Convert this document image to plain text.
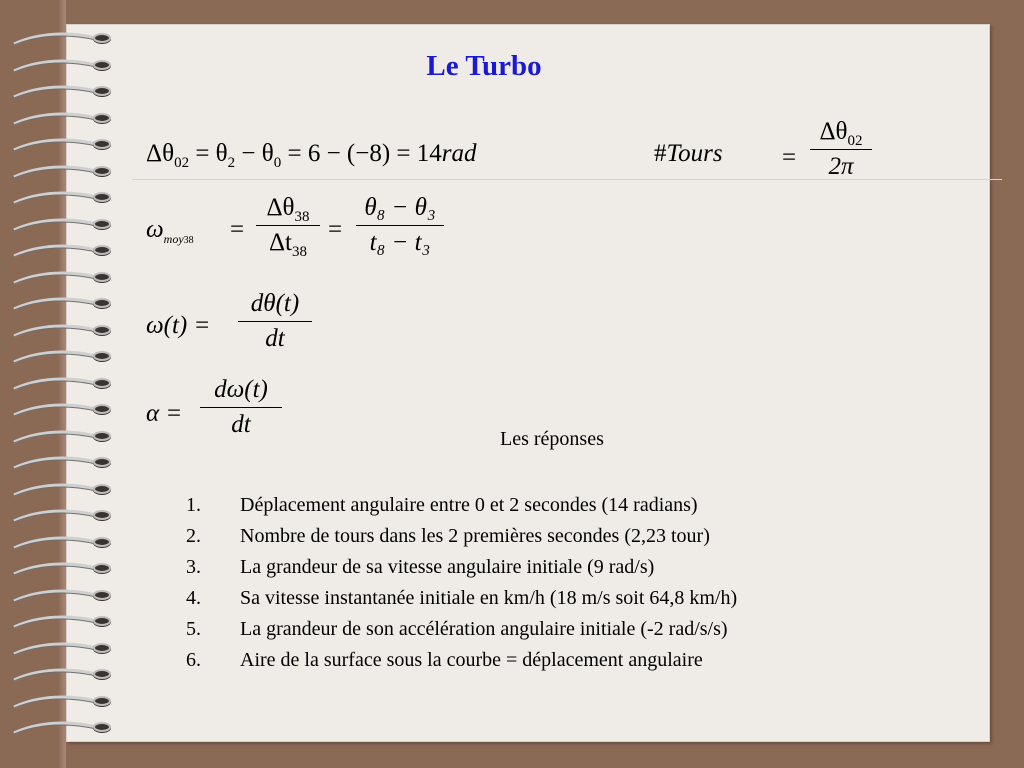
Le Turbo
$\Delta\theta_{02} = \theta_2 - \theta_0 = 6 - (-8) = 14rad$	#Tours =
$\Delta\theta_{02}$
2π
$\omega_{moy38}$ =
$\Delta\theta_{38}$
$\Delta t_{38}$
=
θ₈ − θ₃
t₈ − t₃
ω(t) =
dθ(t)
dt
α =
dω(t)
dt
Les réponses
1. Déplacement angulaire entre 0 et 2 secondes (14 radians)
2. Nombre de tours dans les 2 premières secondes (2,23 tour)
3. La grandeur de sa vitesse angulaire initiale (9 rad/s)
4. Sa vitesse instantanée initiale en km/h (18 m/s soit 64,8 km/h)
5. La grandeur de son accélération angulaire initiale (-2 rad/s/s)
6. Aire de la surface sous la courbe = déplacement angulaire
